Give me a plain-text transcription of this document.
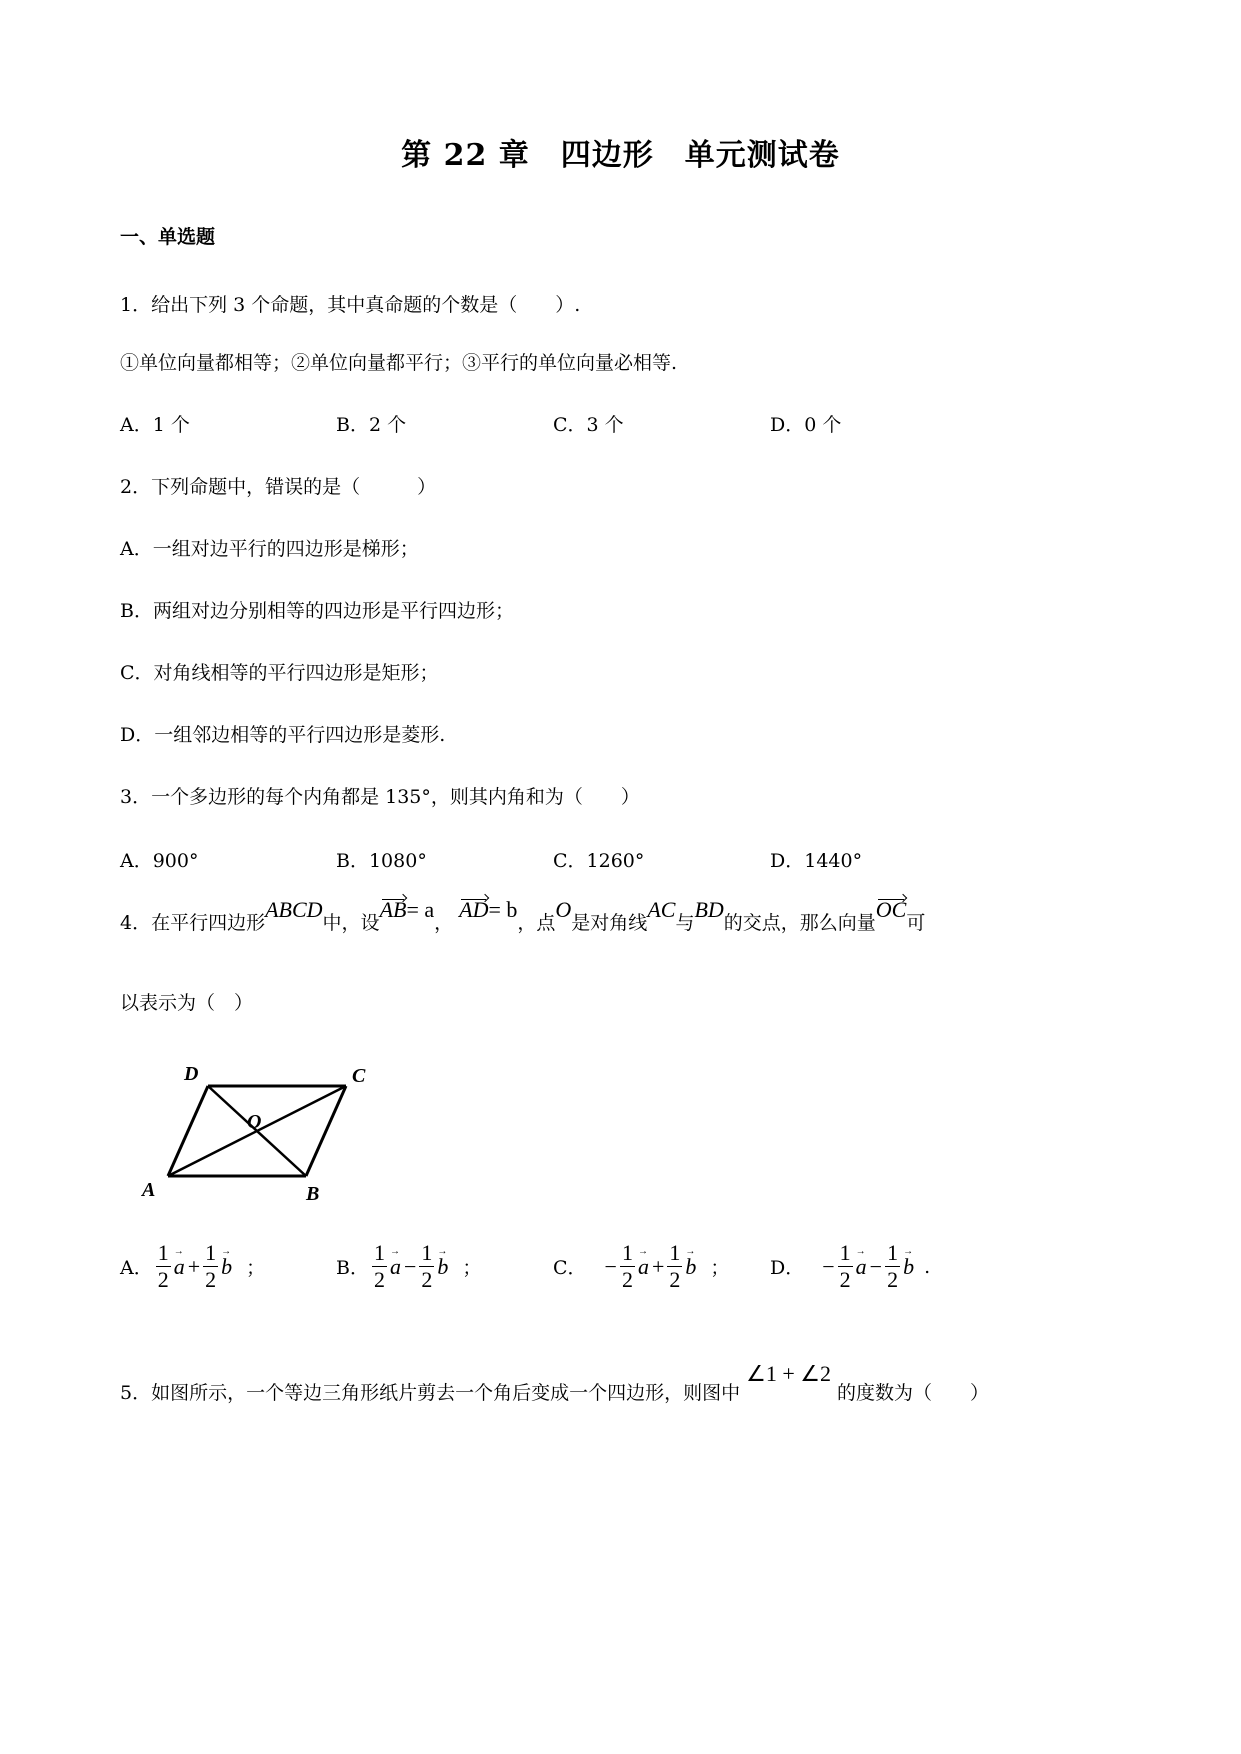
第 22 章　四边形　单元测试卷
一、单选题
1．给出下列 3 个命题，其中真命题的个数是（　　）.
①单位向量都相等；②单位向量都平行；③平行的单位向量必相等.
A．1 个	B．2 个	C．3 个	D．0 个
2．下列命题中，错误的是（　　　）
A．一组对边平行的四边形是梯形；
B．两组对边分别相等的四边形是平行四边形；
C．对角线相等的平行四边形是矩形；
D．一组邻边相等的平行四边形是菱形.
3．一个多边形的每个内角都是 135°，则其内角和为（　　）
A．900°	B．1080°	C．1260°	D．1440°
4．在平行四边形
ABCD
中，设
AB= a
，
AD= b
，点
O
是对角线
AC
与
BD
的交点，那么向量
OC
可
以表示为（　）
D	C
O
A	B
A． $\frac{1}{2}$ a → + $\frac{1}{2}$ b → ；	B． $\frac{1}{2}$ a → − $\frac{1}{2}$ b → ；	C． − $\frac{1}{2}$ a → + $\frac{1}{2}$ b → ； D． − $\frac{1}{2}$ a → − $\frac{1}{2}$ b → .
5．如图所示，一个等边三角形纸片剪去一个角后变成一个四边形，则图中
∠1 + ∠2
的度数为（　　）
